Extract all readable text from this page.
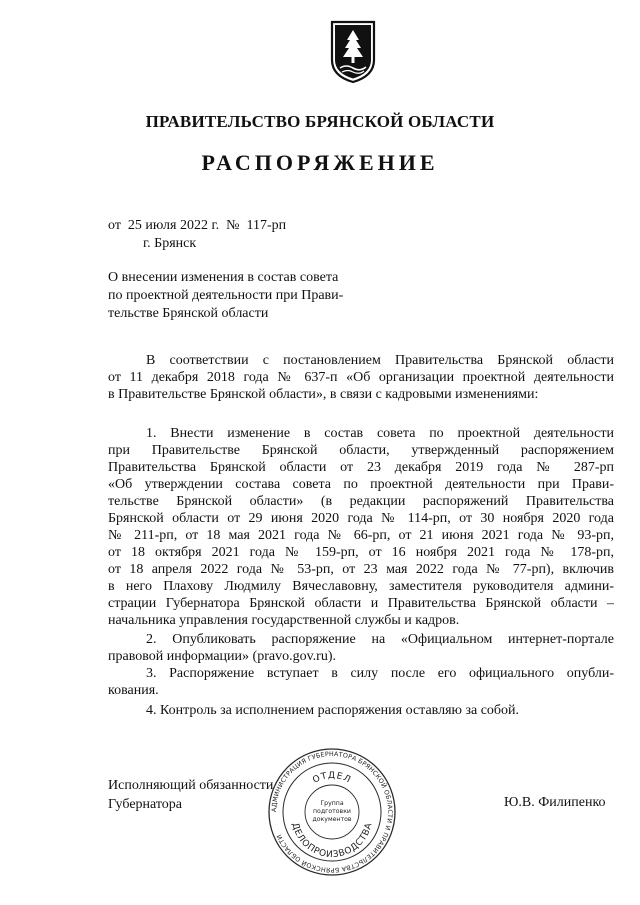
ПРАВИТЕЛЬСТВО БРЯНСКОЙ ОБЛАСТИ
РАСПОРЯЖЕНИЕ
от  25 июля 2022 г.  №  117-рп
г. Брянск
О внесении изменения в состав совета
по проектной деятельности при Прави-
тельстве Брянской области
В соответствии с постановлением Правительства Брянской области
от 11 декабря 2018 года № 637-п «Об организации проектной деятельности
в Правительстве Брянской области», в связи с кадровыми изменениями:
1. Внести изменение в состав совета по проектной деятельности
при Правительстве Брянской области, утвержденный распоряжением
Правительства Брянской области от 23 декабря 2019 года № 287-рп
«Об утверждении состава совета по проектной деятельности при Прави-
тельстве Брянской области» (в редакции распоряжений Правительства
Брянской области от 29 июня 2020 года № 114-рп, от 30 ноября 2020 года
№ 211-рп, от 18 мая 2021 года № 66-рп, от 21 июня 2021 года № 93-рп,
от 18 октября 2021 года № 159-рп, от 16 ноября 2021 года № 178-рп,
от 18 апреля 2022 года № 53-рп, от 23 мая 2022 года № 77-рп), включив
в него Плахову Людмилу Вячеславовну, заместителя руководителя админи-
страции Губернатора Брянской области и Правительства Брянской области –
начальника управления государственной службы и кадров.
2. Опубликовать распоряжение на «Официальном интернет-портале
правовой информации» (pravo.gov.ru).
3. Распоряжение вступает в силу после его официального опубли-
кования.
4. Контроль за исполнением распоряжения оставляю за собой.
Исполняющий обязанности
Губернатора	Ю.В. Филипенко
АДМИНИСТРАЦИЯ ГУБЕРНАТОРА БРЯНСКОЙ ОБЛАСТИ И ПРАВИТЕЛЬСТВА БРЯНСКОЙ ОБЛАСТИ
ОТДЕЛ
ДЕЛОПРОИЗВОДСТВА
Группа
подготовки
документов
